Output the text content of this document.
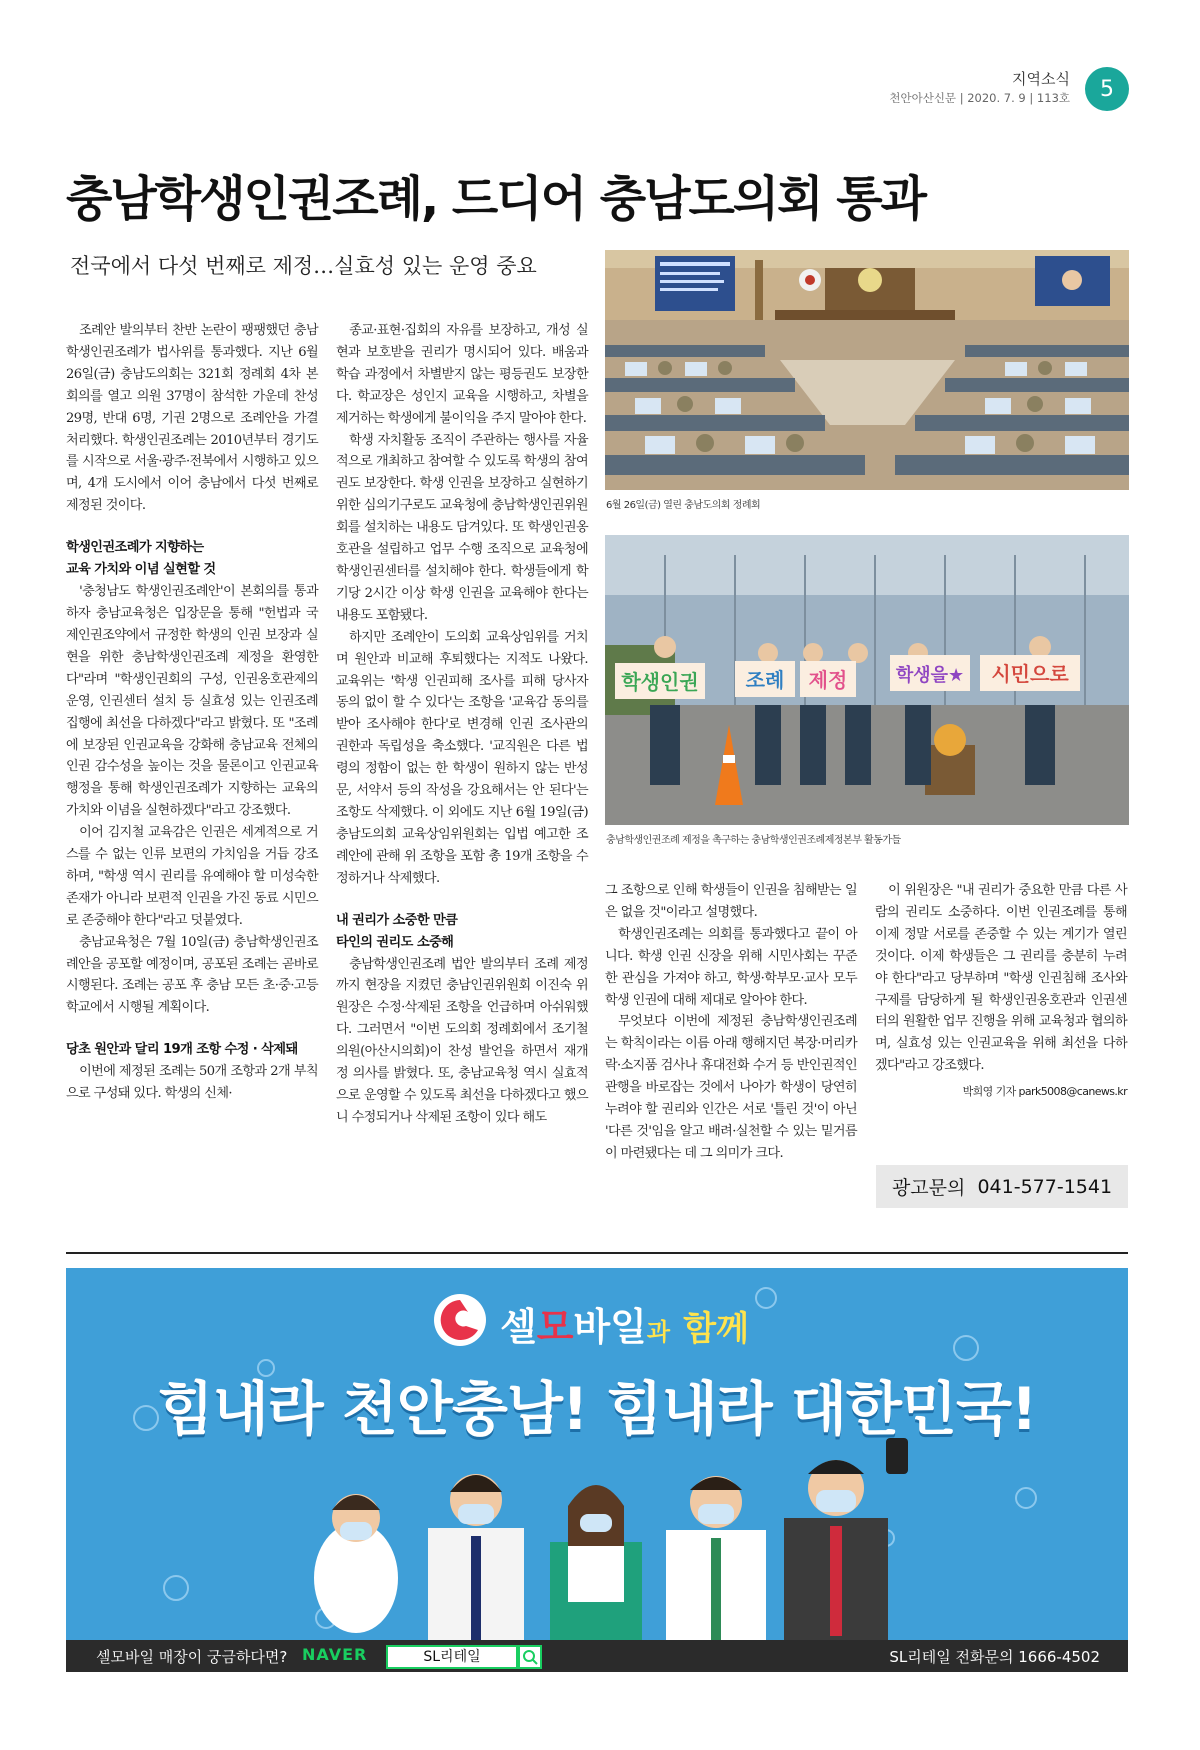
지역소식
천안아산신문 | 2020. 7. 9 | 113호 5
충남학생인권조례, 드디어 충남도의회 통과
전국에서 다섯 번째로 제정…실효성 있는 운영 중요

조례안 발의부터 찬반 논란이 팽팽했던 충남학생인권조례가 법사위를 통과했다. 지난 6월 26일(금) 충남도의회는 321회 정례회 4차 본회의를 열고 의원 37명이 참석한 가운데 찬성 29명, 반대 6명, 기권 2명으로 조례안을 가결 처리했다. 학생인권조례는 2010년부터 경기도를 시작으로 서울·광주·전북에서 시행하고 있으며, 4개 도시에서 이어 충남에서 다섯 번째로 제정된 것이다.

학생인권조례가 지향하는
교육 가치와 이념 실현할 것

'충청남도 학생인권조례안'이 본회의를 통과하자 충남교육청은 입장문을 통해 "헌법과 국제인권조약에서 규정한 학생의 인권 보장과 실현을 위한 충남학생인권조례 제정을 환영한다"라며 "학생인권회의 구성, 인권옹호관제의 운영, 인권센터 설치 등 실효성 있는 인권조례 집행에 최선을 다하겠다"라고 밝혔다. 또 "조례에 보장된 인권교육을 강화해 충남교육 전체의 인권 감수성을 높이는 것을 물론이고 인권교육 행정을 통해 학생인권조례가 지향하는 교육의 가치와 이념을 실현하겠다"라고 강조했다.

이어 김지철 교육감은 인권은 세계적으로 거스를 수 없는 인류 보편의 가치임을 거듭 강조하며, "학생 역시 권리를 유예해야 할 미성숙한 존재가 아니라 보편적 인권을 가진 동료 시민으로 존중해야 한다"라고 덧붙였다.

충남교육청은 7월 10일(금) 충남학생인권조례안을 공포할 예정이며, 공포된 조례는 곧바로 시행된다. 조례는 공포 후 충남 모든 초·중·고등학교에서 시행될 계획이다.

당초 원안과 달리 19개 조항 수정 · 삭제돼

이번에 제정된 조례는 50개 조항과 2개 부칙으로 구성돼 있다. 학생의 신체·

종교·표현·집회의 자유를 보장하고, 개성 실현과 보호받을 권리가 명시되어 있다. 배움과 학습 과정에서 차별받지 않는 평등권도 보장한다. 학교장은 성인지 교육을 시행하고, 차별을 제거하는 학생에게 불이익을 주지 말아야 한다.

학생 자치활동 조직이 주관하는 행사를 자율적으로 개최하고 참여할 수 있도록 학생의 참여권도 보장한다. 학생 인권을 보장하고 실현하기 위한 심의기구로도 교육청에 충남학생인권위원회를 설치하는 내용도 담겨있다. 또 학생인권옹호관을 설립하고 업무 수행 조직으로 교육청에 학생인권센터를 설치해야 한다. 학생들에게 학기당 2시간 이상 학생 인권을 교육해야 한다는 내용도 포함됐다.

하지만 조례안이 도의회 교육상임위를 거치며 원안과 비교해 후퇴했다는 지적도 나왔다. 교육위는 '학생 인권피해 조사를 피해 당사자 동의 없이 할 수 있다'는 조항을 '교육감 동의를 받아 조사해야 한다'로 변경해 인권 조사관의 권한과 독립성을 축소했다. '교직원은 다른 법령의 정함이 없는 한 학생이 원하지 않는 반성문, 서약서 등의 작성을 강요해서는 안 된다'는 조항도 삭제했다. 이 외에도 지난 6월 19일(금) 충남도의회 교육상임위원회는 입법 예고한 조례안에 관해 위 조항을 포함 총 19개 조항을 수정하거나 삭제했다.

내 권리가 소중한 만큼
타인의 권리도 소중해

충남학생인권조례 법안 발의부터 조례 제정까지 현장을 지켰던 충남인권위원회 이진숙 위원장은 수정·삭제된 조항을 언급하며 아쉬워했다. 그러면서 "이번 도의회 정례회에서 조기철 의원(아산시의회)이 찬성 발언을 하면서 재개정 의사를 밝혔다. 또, 충남교육청 역시 실효적으로 운영할 수 있도록 최선을 다하겠다고 했으니 수정되거나 삭제된 조항이 있다 해도

6월 26일(금) 열린 충남도의회 정례회
학생인권 조례 제정	학생을★ 시민으로
충남학생인권조례 제정을 촉구하는 충남학생인권조례제정본부 활동가들

그 조항으로 인해 학생들이 인권을 침해받는 일은 없을 것"이라고 설명했다.

학생인권조례는 의회를 통과했다고 끝이 아니다. 학생 인권 신장을 위해 시민사회는 꾸준한 관심을 가져야 하고, 학생·학부모·교사 모두 학생 인권에 대해 제대로 알아야 한다.

무엇보다 이번에 제정된 충남학생인권조례는 학칙이라는 이름 아래 행해지던 복장·머리카락·소지품 검사나 휴대전화 수거 등 반인권적인 관행을 바로잡는 것에서 나아가 학생이 당연히 누려야 할 권리와 인간은 서로 '틀린 것'이 아닌 '다른 것'임을 알고 배려·실천할 수 있는 밑거름이 마련됐다는 데 그 의미가 크다.

이 위원장은 "내 권리가 중요한 만큼 다른 사람의 권리도 소중하다. 이번 인권조례를 통해 이제 정말 서로를 존중할 수 있는 계기가 열린 것이다. 이제 학생들은 그 권리를 충분히 누려야 한다"라고 당부하며 "학생 인권침해 조사와 구제를 담당하게 될 학생인권옹호관과 인권센터의 원활한 업무 진행을 위해 교육청과 협의하며, 실효성 있는 인권교육을 위해 최선을 다하겠다"라고 강조했다.

박희영 기자 park5008@canews.kr
광고문의
041-577-1541
셀모바일과 함께
힘내라 천안충남! 힘내라 대한민국!
셀모바일 매장이 궁금하다면? NAVER	SL리테일	SL리테일 전화문의 1666-4502
